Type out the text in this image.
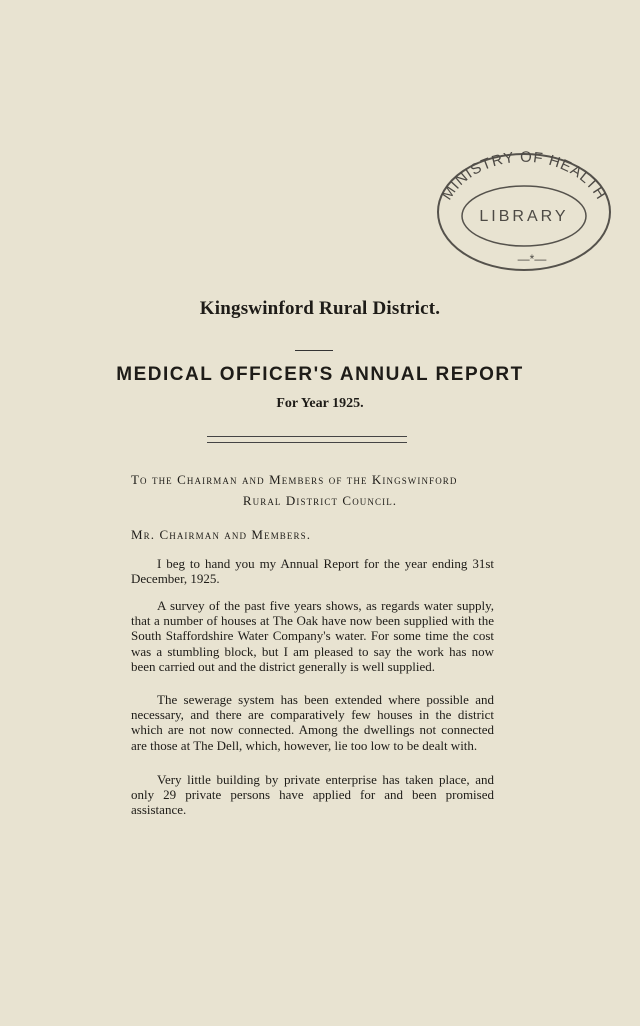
MINISTRY OF HEALTH
LIBRARY
—*—
Kingswinford Rural District.
MEDICAL OFFICER'S ANNUAL REPORT
For Year 1925.
To the Chairman and Members of the Kingswinford
Rural District Council.
Mr. Chairman and Members.

I beg to hand you my Annual Report for the year ending 31st December, 1925.

A survey of the past five years shows, as regards water supply, that a number of houses at The Oak have now been supplied with the South Staffordshire Water Company's water. For some time the cost was a stumbling block, but I am pleased to say the work has now been carried out and the district generally is well supplied.

The sewerage system has been extended where possible and necessary, and there are comparatively few houses in the district which are not now connected. Among the dwellings not connected are those at The Dell, which, however, lie too low to be dealt with.

Very little building by private enterprise has taken place, and only 29 private persons have applied for and been promised assistance.
